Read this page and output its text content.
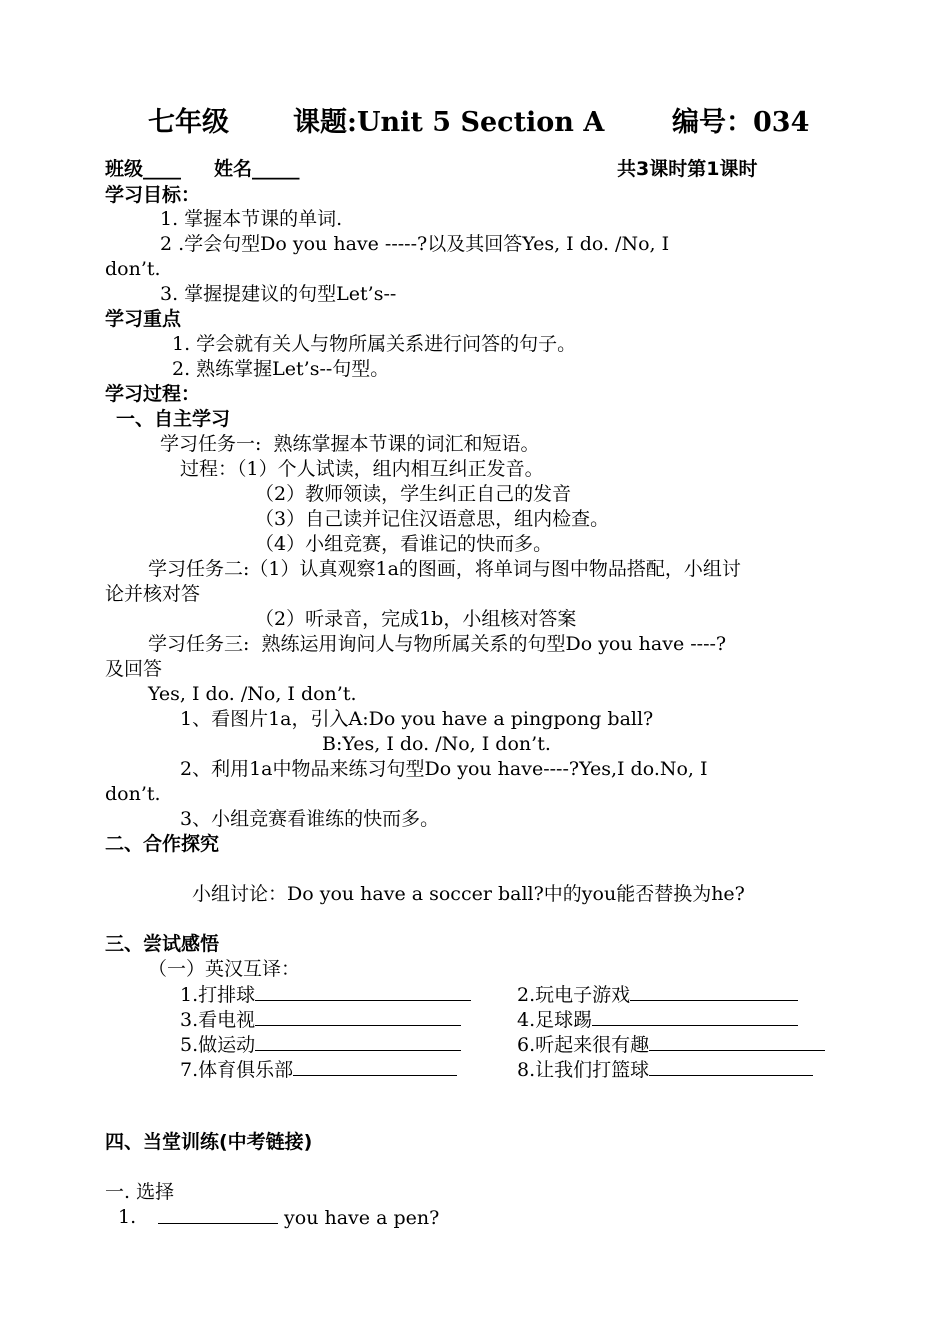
七年级 课题:Unit 5 Section A	编号：034
班级____ 姓名_____	共3课时第1课时
学习目标：
1. 掌握本节课的单词.
2 .学会句型Do you have -----?以及其回答Yes, I do. /No, I
don’t.
3. 掌握提建议的句型Let’s--
学习重点
1. 学会就有关人与物所属关系进行问答的句子。
2. 熟练掌握Let’s--句型。
学习过程：
一、自主学习
学习任务一:  熟练掌握本节课的词汇和短语。
过程：（1）个人试读，组内相互纠正发音。
（2）教师领读，学生纠正自己的发音
（3）自己读并记住汉语意思，组内检查。
（4）小组竞赛，看谁记的快而多。
学习任务二:（1）认真观察1a的图画，将单词与图中物品搭配，小组讨
论并核对答
（2）听录音，完成1b，小组核对答案
学习任务三:  熟练运用询问人与物所属关系的句型Do you have ----?
及回答
Yes, I do. /No, I don’t.
1、看图片1a，引入A:Do you have a pingpong ball?
B:Yes, I do. /No, I don’t.
2、利用1a中物品来练习句型Do you have----?Yes,I do.No, I
don’t.
3、小组竞赛看谁练的快而多。
二、合作探究
小组讨论：Do you have a soccer ball?中的you能否替换为he?
三、尝试感悟
（一）英汉互译：
1.打排球	2.玩电子游戏
3.看电视	4.足球踢
5.做运动	6.听起来很有趣
7.体育俱乐部	8.让我们打篮球
四、当堂训练(中考链接)
一. 选择
1.	you have a pen?
